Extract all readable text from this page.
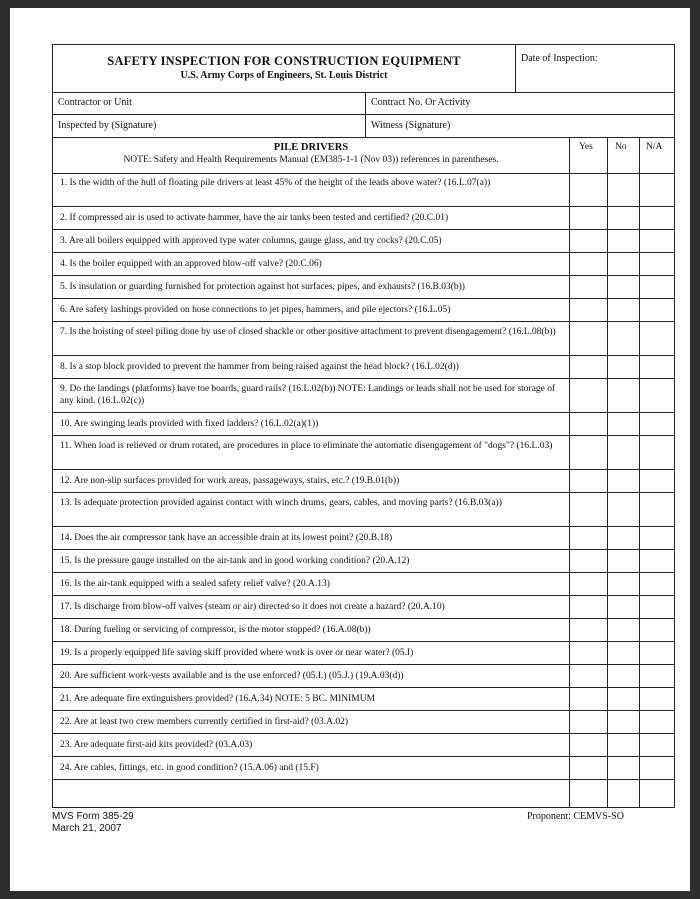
SAFETY INSPECTION FOR CONSTRUCTION EQUIPMENT
U.S. Army Corps of Engineers, St. Louis District
Date of Inspection:
Contractor or Unit	Contract No. Or Activity
Inspected by (Signature)	Witness (Signature)
PILE DRIVERS
NOTE: Safety and Health Requirements Manual (EM385-1-1 (Nov 03)) references in parentheses.
Yes No N/A
1. Is the width of the hull of floating pile drivers at least 45% of the height of the leads above water? (16.L.07(a))
2. If compressed air is used to activate hammer, have the air tanks been tested and certified? (20.C.01)
3. Are all boilers equipped with approved type water columns, gauge glass, and try cocks? (20.C.05)
4. Is the boiler equipped with an approved blow-off valve? (20.C.06)
5. Is insulation or guarding furnished for protection against hot surfaces, pipes, and exhausts? (16.B.03(b))
6. Are safety lashings provided on hose connections to jet pipes, hammers, and pile ejectors? (16.L.05)
7. Is the hoisting of steel piling done by use of closed shackle or other positive attachment to prevent disengagement? (16.L.08(b))
8. Is a stop block provided to prevent the hammer from being raised against the head block? (16.L.02(d))
9. Do the landings (platforms) have toe boards, guard rails? (16.L.02(b)) NOTE: Landings or leads shall not be used for storage of any kind. (16.L.02(c))
10. Are swinging leads provided with fixed ladders? (16.L.02(a)(1))
11. When load is relieved or drum rotated, are procedures in place to eliminate the automatic disengagement of "dogs"? (16.L.03)
12. Are non-slip surfaces provided for work areas, passageways, stairs, etc.? (19.B.01(b))
13. Is adequate protection provided against contact with winch drums, gears, cables, and moving parts? (16.B.03(a))
14. Does the air compressor tank have an accessible drain at its lowest point? (20.B.18)
15. Is the pressure gauge installed on the air-tank and in good working condition? (20.A.12)
16. Is the air-tank equipped with a sealed safety relief valve? (20.A.13)
17. Is discharge from blow-off valves (steam or air) directed so it does not create a hazard? (20.A.10)
18. During fueling or servicing of compressor, is the motor stopped? (16.A.08(b))
19. Is a properly equipped life saving skiff provided where work is over or near water? (05.I)
20. Are sufficient work-vests available and is the use enforced? (05.I.) (05.J.) (19.A.03(d))
21. Are adequate fire extinguishers provided? (16.A.34) NOTE: 5 BC. MINIMUM
22. Are at least two crew members currently certified in first-aid? (03.A.02)
23. Are adequate first-aid kits provided? (03.A.03)
24. Are cables, fittings, etc. in good condition? (15.A.06) and (15.F)
MVS Form 385-29
March 21, 2007
Proponent: CEMVS-SO
